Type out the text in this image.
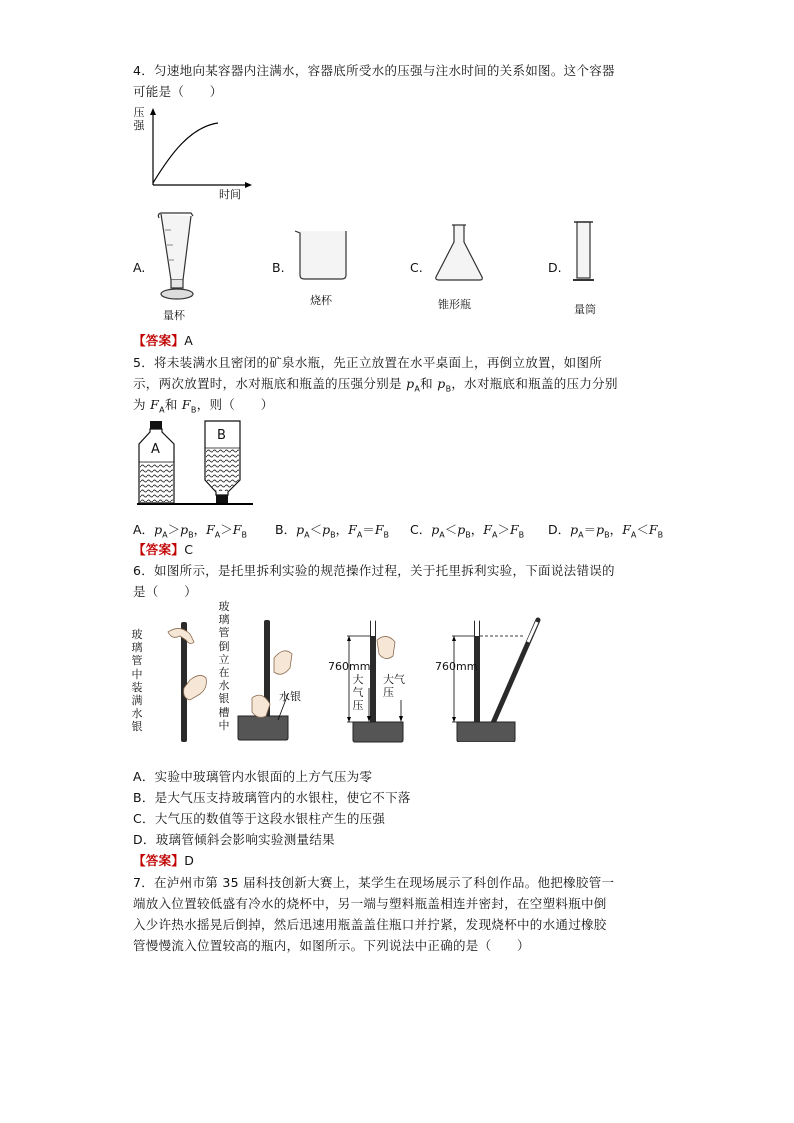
4．匀速地向某容器内注满水，容器底所受水的压强与注水时间的关系如图。这个容器
可能是（　　）
压强
时间
A.
量杯
B.
烧杯
C.
锥形瓶
D.
量筒
【答案】A
5．将未装满水且密闭的矿泉水瓶，先正立放置在水平桌面上，再倒立放置，如图所
示，两次放置时，水对瓶底和瓶盖的压强分别是 $p_A$和 $p_B$，水对瓶底和瓶盖的压力分别
为 $F_A$和 $F_B$，则（　　）
A
B
A．$p_A>p_B$，$F_A>F_B$ B．$p_A<p_B$，$F_A=F_B$ C．$p_A<p_B$，$F_A>F_B$ D．$p_A=p_B$，$F_A<F_B$
【答案】C
6．如图所示，是托里拆利实验的规范操作过程，关于托里拆利实验，下面说法错误的
是（　　）
玻璃管中装满水银
玻璃管倒立在水银槽中
水银
760mm
大气压
大气压
760mm
A．实验中玻璃管内水银面的上方气压为零
B．是大气压支持玻璃管内的水银柱，使它不下落
C．大气压的数值等于这段水银柱产生的压强
D．玻璃管倾斜会影响实验测量结果
【答案】D
7．在泸州市第 35 届科技创新大赛上，某学生在现场展示了科创作品。他把橡胶管一
端放入位置较低盛有冷水的烧杯中，另一端与塑料瓶盖相连并密封，在空塑料瓶中倒
入少许热水摇晃后倒掉，然后迅速用瓶盖盖住瓶口并拧紧，发现烧杯中的水通过橡胶
管慢慢流入位置较高的瓶内，如图所示。下列说法中正确的是（　　）
